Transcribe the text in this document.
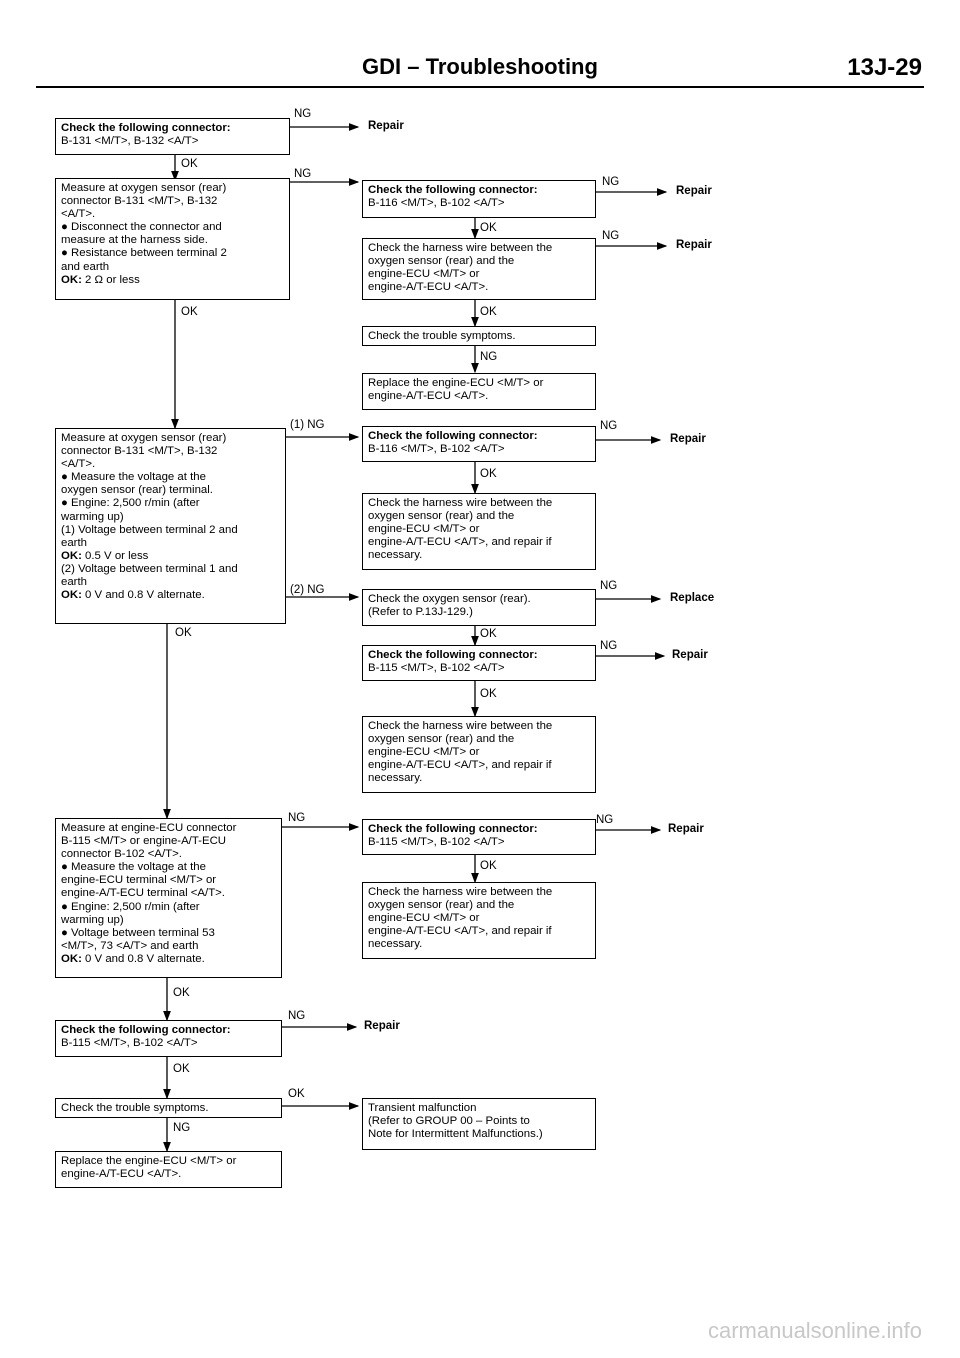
GDI – Troubleshooting	13J-29
Check the following connector:
B-131 <M/T>, B-132 <A/T>
Measure at oxygen sensor (rear)
connector B-131 <M/T>, B-132
<A/T>.
● Disconnect the connector and
measure at the harness side.
● Resistance between terminal 2
and earth
OK: 2 Ω or less
Check the following connector:
B-116 <M/T>, B-102 <A/T>
Check the harness wire between the
oxygen sensor (rear) and the
engine-ECU <M/T> or
engine-A/T-ECU <A/T>.
Check the trouble symptoms.
Replace the engine-ECU <M/T> or
engine-A/T-ECU <A/T>.
Measure at oxygen sensor (rear)
connector B-131 <M/T>, B-132
<A/T>.
● Measure the voltage at the
oxygen sensor (rear) terminal.
● Engine: 2,500 r/min (after
warming up)
(1) Voltage between terminal 2 and
earth
OK: 0.5 V or less
(2) Voltage between terminal 1 and
earth
OK: 0 V and 0.8 V alternate.
Check the following connector:
B-116 <M/T>, B-102 <A/T>
Check the harness wire between the
oxygen sensor (rear) and the
engine-ECU <M/T> or
engine-A/T-ECU <A/T>, and repair if
necessary.
Check the oxygen sensor (rear).
(Refer to P.13J-129.)
Check the following connector:
B-115 <M/T>, B-102 <A/T>
Check the harness wire between the
oxygen sensor (rear) and the
engine-ECU <M/T> or
engine-A/T-ECU <A/T>, and repair if
necessary.
Measure at engine-ECU connector
B-115 <M/T> or engine-A/T-ECU
connector B-102 <A/T>.
● Measure the voltage at the
engine-ECU terminal <M/T> or
engine-A/T-ECU terminal <A/T>.
● Engine: 2,500 r/min (after
warming up)
● Voltage between terminal 53
<M/T>, 73 <A/T> and earth
OK: 0 V and 0.8 V alternate.
Check the following connector:
B-115 <M/T>, B-102 <A/T>
Check the harness wire between the
oxygen sensor (rear) and the
engine-ECU <M/T> or
engine-A/T-ECU <A/T>, and repair if
necessary.
Check the following connector:
B-115 <M/T>, B-102 <A/T>
Check the trouble symptoms.	Transient malfunction
(Refer to GROUP 00 – Points to
Note for Intermittent Malfunctions.)
Replace the engine-ECU <M/T> or
engine-A/T-ECU <A/T>.
NG
OK
NG
NG
OK
NG
OK	OK
NG
(1) NG	NG
OK
(2) NG	NG
OK	OK
NG
OK
NG	NG
OK
OK
NG
OK
OK
NG
Repair
Repair
Repair
Repair
Replace
Repair
Repair
Repair
carmanualsonline.info
